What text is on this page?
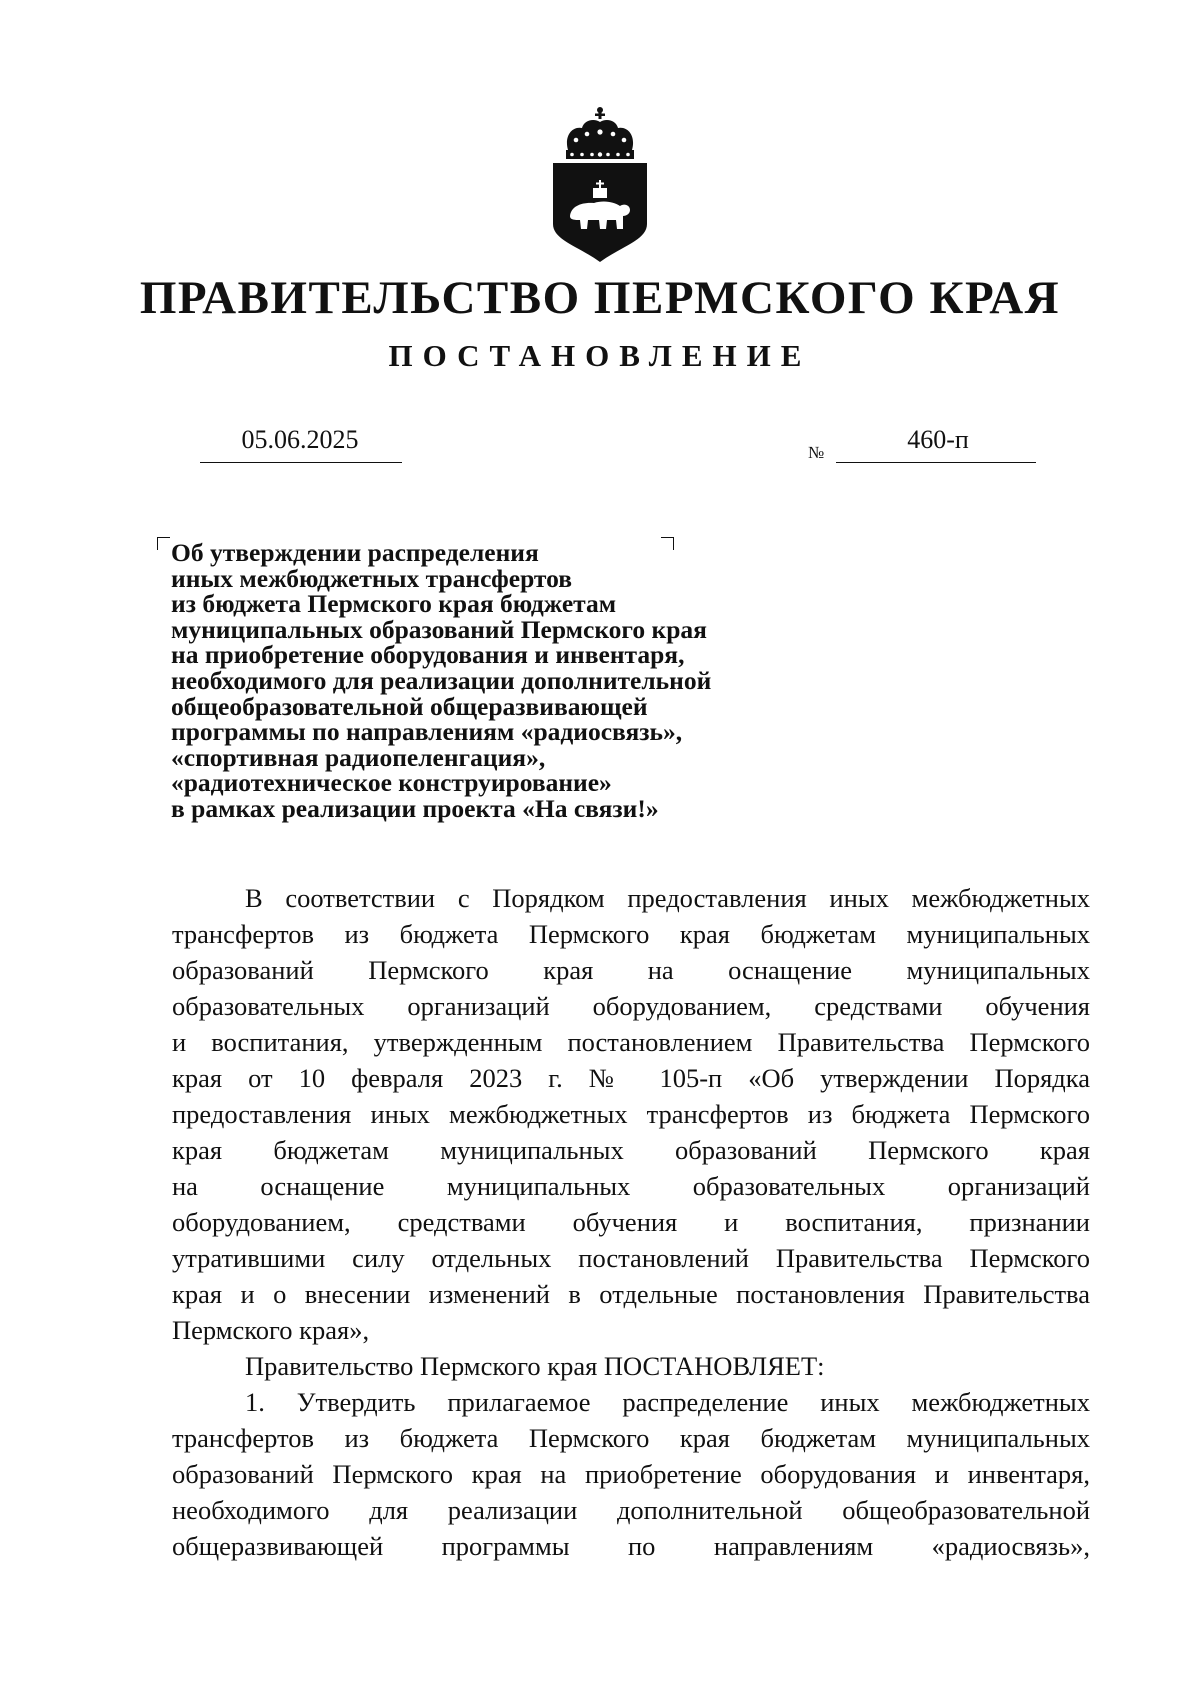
ПРАВИТЕЛЬСТВО ПЕРМСКОГО КРАЯ
ПОСТАНОВЛЕНИЕ
05.06.2025	№	460-п
Об утверждении распределения
иных межбюджетных трансфертов
из бюджета Пермского края бюджетам
муниципальных образований Пермского края
на приобретение оборудования и инвентаря,
необходимого для реализации дополнительной
общеобразовательной общеразвивающей
программы по направлениям «радиосвязь»,
«спортивная радиопеленгация»,
«радиотехническое конструирование»
в рамках реализации проекта «На связи!»
В соответствии с Порядком предоставления иных межбюджетных
трансфертов из бюджета Пермского края бюджетам муниципальных
образований Пермского края на оснащение муниципальных
образовательных организаций оборудованием, средствами обучения
и воспитания, утвержденным постановлением Правительства Пермского
края от 10 февраля 2023 г. № 105-п «Об утверждении Порядка
предоставления иных межбюджетных трансфертов из бюджета Пермского
края бюджетам муниципальных образований Пермского края
на оснащение муниципальных образовательных организаций
оборудованием, средствами обучения и воспитания, признании
утратившими силу отдельных постановлений Правительства Пермского
края и о внесении изменений в отдельные постановления Правительства
Пермского края»,
Правительство Пермского края ПОСТАНОВЛЯЕТ:
1. Утвердить прилагаемое распределение иных межбюджетных
трансфертов из бюджета Пермского края бюджетам муниципальных
образований Пермского края на приобретение оборудования и инвентаря,
необходимого для реализации дополнительной общеобразовательной
общеразвивающей программы по направлениям «радиосвязь»,
